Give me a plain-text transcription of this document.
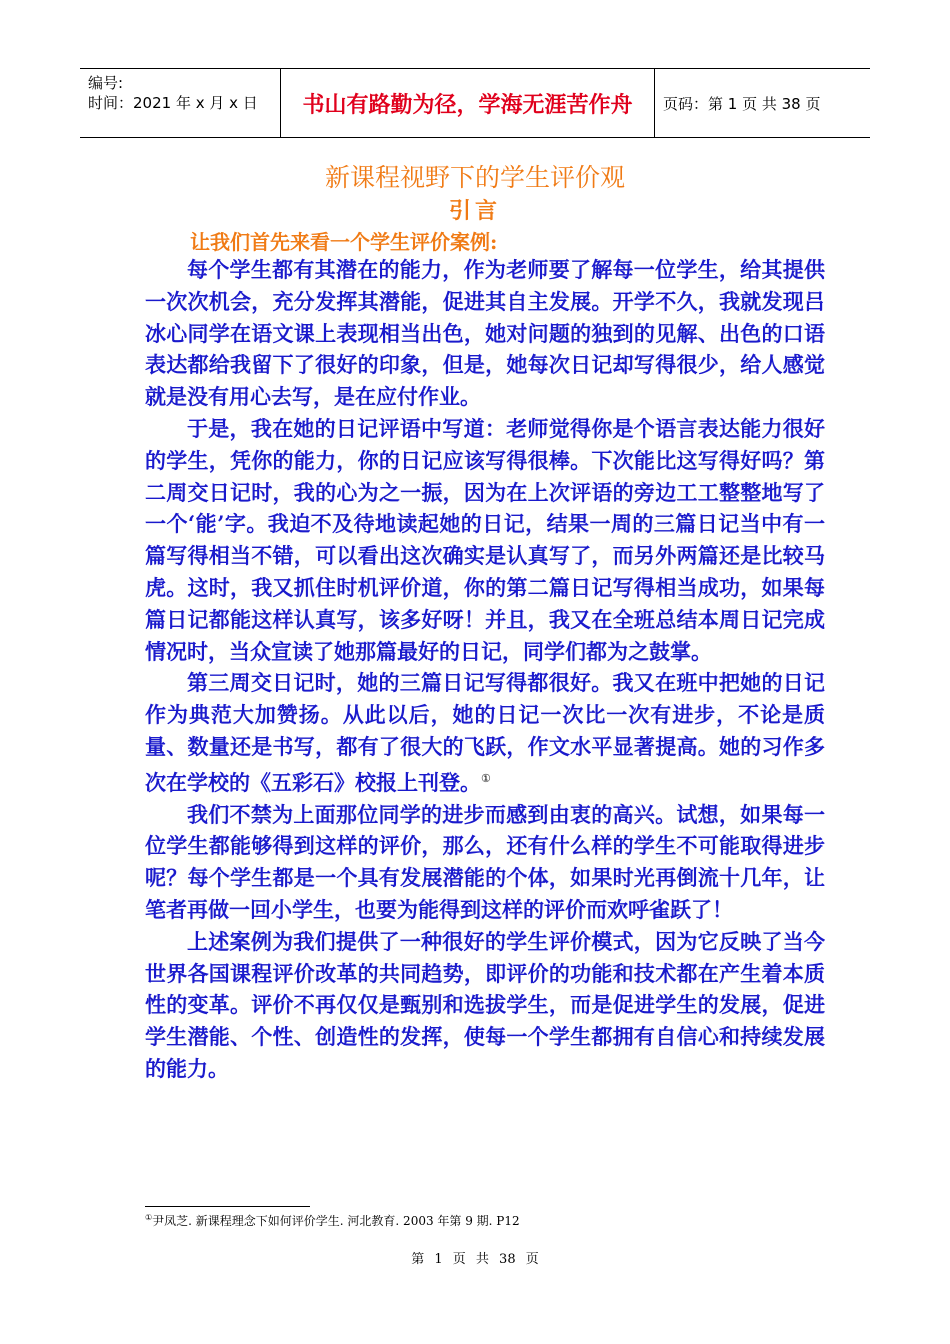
编号:
时间：2021 年 x 月 x 日	书山有路勤为径，学海无涯苦作舟	页码：第 1 页 共 38 页
新课程视野下的学生评价观
引言
让我们首先来看一个学生评价案例:

每个学生都有其潜在的能力，作为老师要了解每一位学生，给其提供一次次机会，充分发挥其潜能，促进其自主发展。开学不久，我就发现吕冰心同学在语文课上表现相当出色，她对问题的独到的见解、出色的口语表达都给我留下了很好的印象，但是，她每次日记却写得很少，给人感觉就是没有用心去写，是在应付作业。

于是，我在她的日记评语中写道：老师觉得你是个语言表达能力很好的学生，凭你的能力，你的日记应该写得很棒。下次能比这写得好吗？第二周交日记时，我的心为之一振，因为在上次评语的旁边工工整整地写了一个‘能’字。我迫不及待地读起她的日记，结果一周的三篇日记当中有一篇写得相当不错，可以看出这次确实是认真写了，而另外两篇还是比较马虎。这时，我又抓住时机评价道，你的第二篇日记写得相当成功，如果每篇日记都能这样认真写，该多好呀！并且，我又在全班总结本周日记完成情况时，当众宣读了她那篇最好的日记，同学们都为之鼓掌。

第三周交日记时，她的三篇日记写得都很好。我又在班中把她的日记作为典范大加赞扬。从此以后，她的日记一次比一次有进步，不论是质量、数量还是书写，都有了很大的飞跃，作文水平显著提高。她的习作多次在学校的《五彩石》校报上刊登。①

我们不禁为上面那位同学的进步而感到由衷的高兴。试想，如果每一位学生都能够得到这样的评价，那么，还有什么样的学生不可能取得进步呢？每个学生都是一个具有发展潜能的个体，如果时光再倒流十几年，让笔者再做一回小学生，也要为能得到这样的评价而欢呼雀跃了！

上述案例为我们提供了一种很好的学生评价模式，因为它反映了当今世界各国课程评价改革的共同趋势，即评价的功能和技术都在产生着本质性的变革。评价不再仅仅是甄别和选拔学生，而是促进学生的发展，促进学生潜能、个性、创造性的发挥，使每一个学生都拥有自信心和持续发展的能力。

①尹凤芝. 新课程理念下如何评价学生. 河北教育. 2003 年第 9 期. P12
第 1 页 共 38 页
